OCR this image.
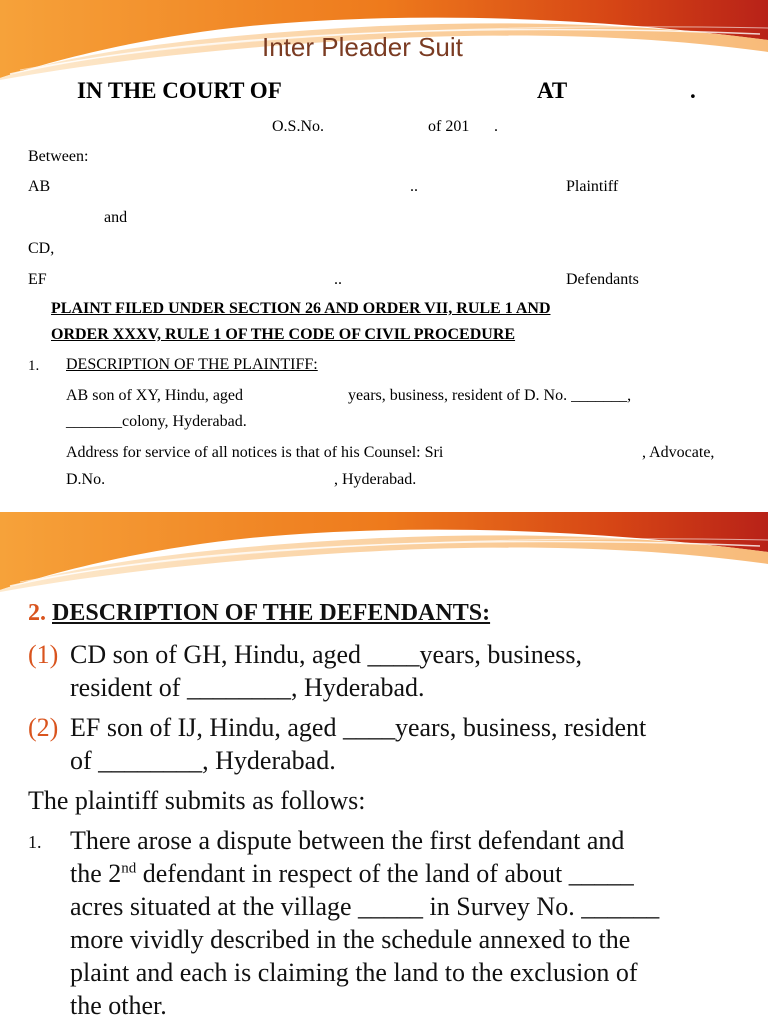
Inter Pleader Suit
IN THE COURT OF	AT	.
O.S.No.	of 201 .
Between:
AB	..	Plaintiff
and
CD,
EF	..	Defendants
PLAINT FILED UNDER SECTION 26 AND ORDER VII, RULE 1 AND
ORDER XXXV, RULE 1 OF THE CODE OF CIVIL PROCEDURE
1. DESCRIPTION OF THE PLAINTIFF:
AB son of XY, Hindu, aged	years, business, resident of D. No. _______,
_______colony, Hyderabad.
Address for service of all notices is that of his Counsel: Sri	, Advocate,
D.No.	, Hyderabad.
2. DESCRIPTION OF THE DEFENDANTS:
(1) CD son of GH, Hindu, aged ____years, business,
resident of ________, Hyderabad.
(2) EF son of IJ, Hindu, aged ____years, business, resident
of ________, Hyderabad.
The plaintiff submits as follows:
1. There arose a dispute between the first defendant and
the 2nd defendant in respect of the land of about _____
acres situated at the village _____ in Survey No. ______
more vividly described in the schedule annexed to the
plaint and each is claiming the land to the exclusion of
the other.
